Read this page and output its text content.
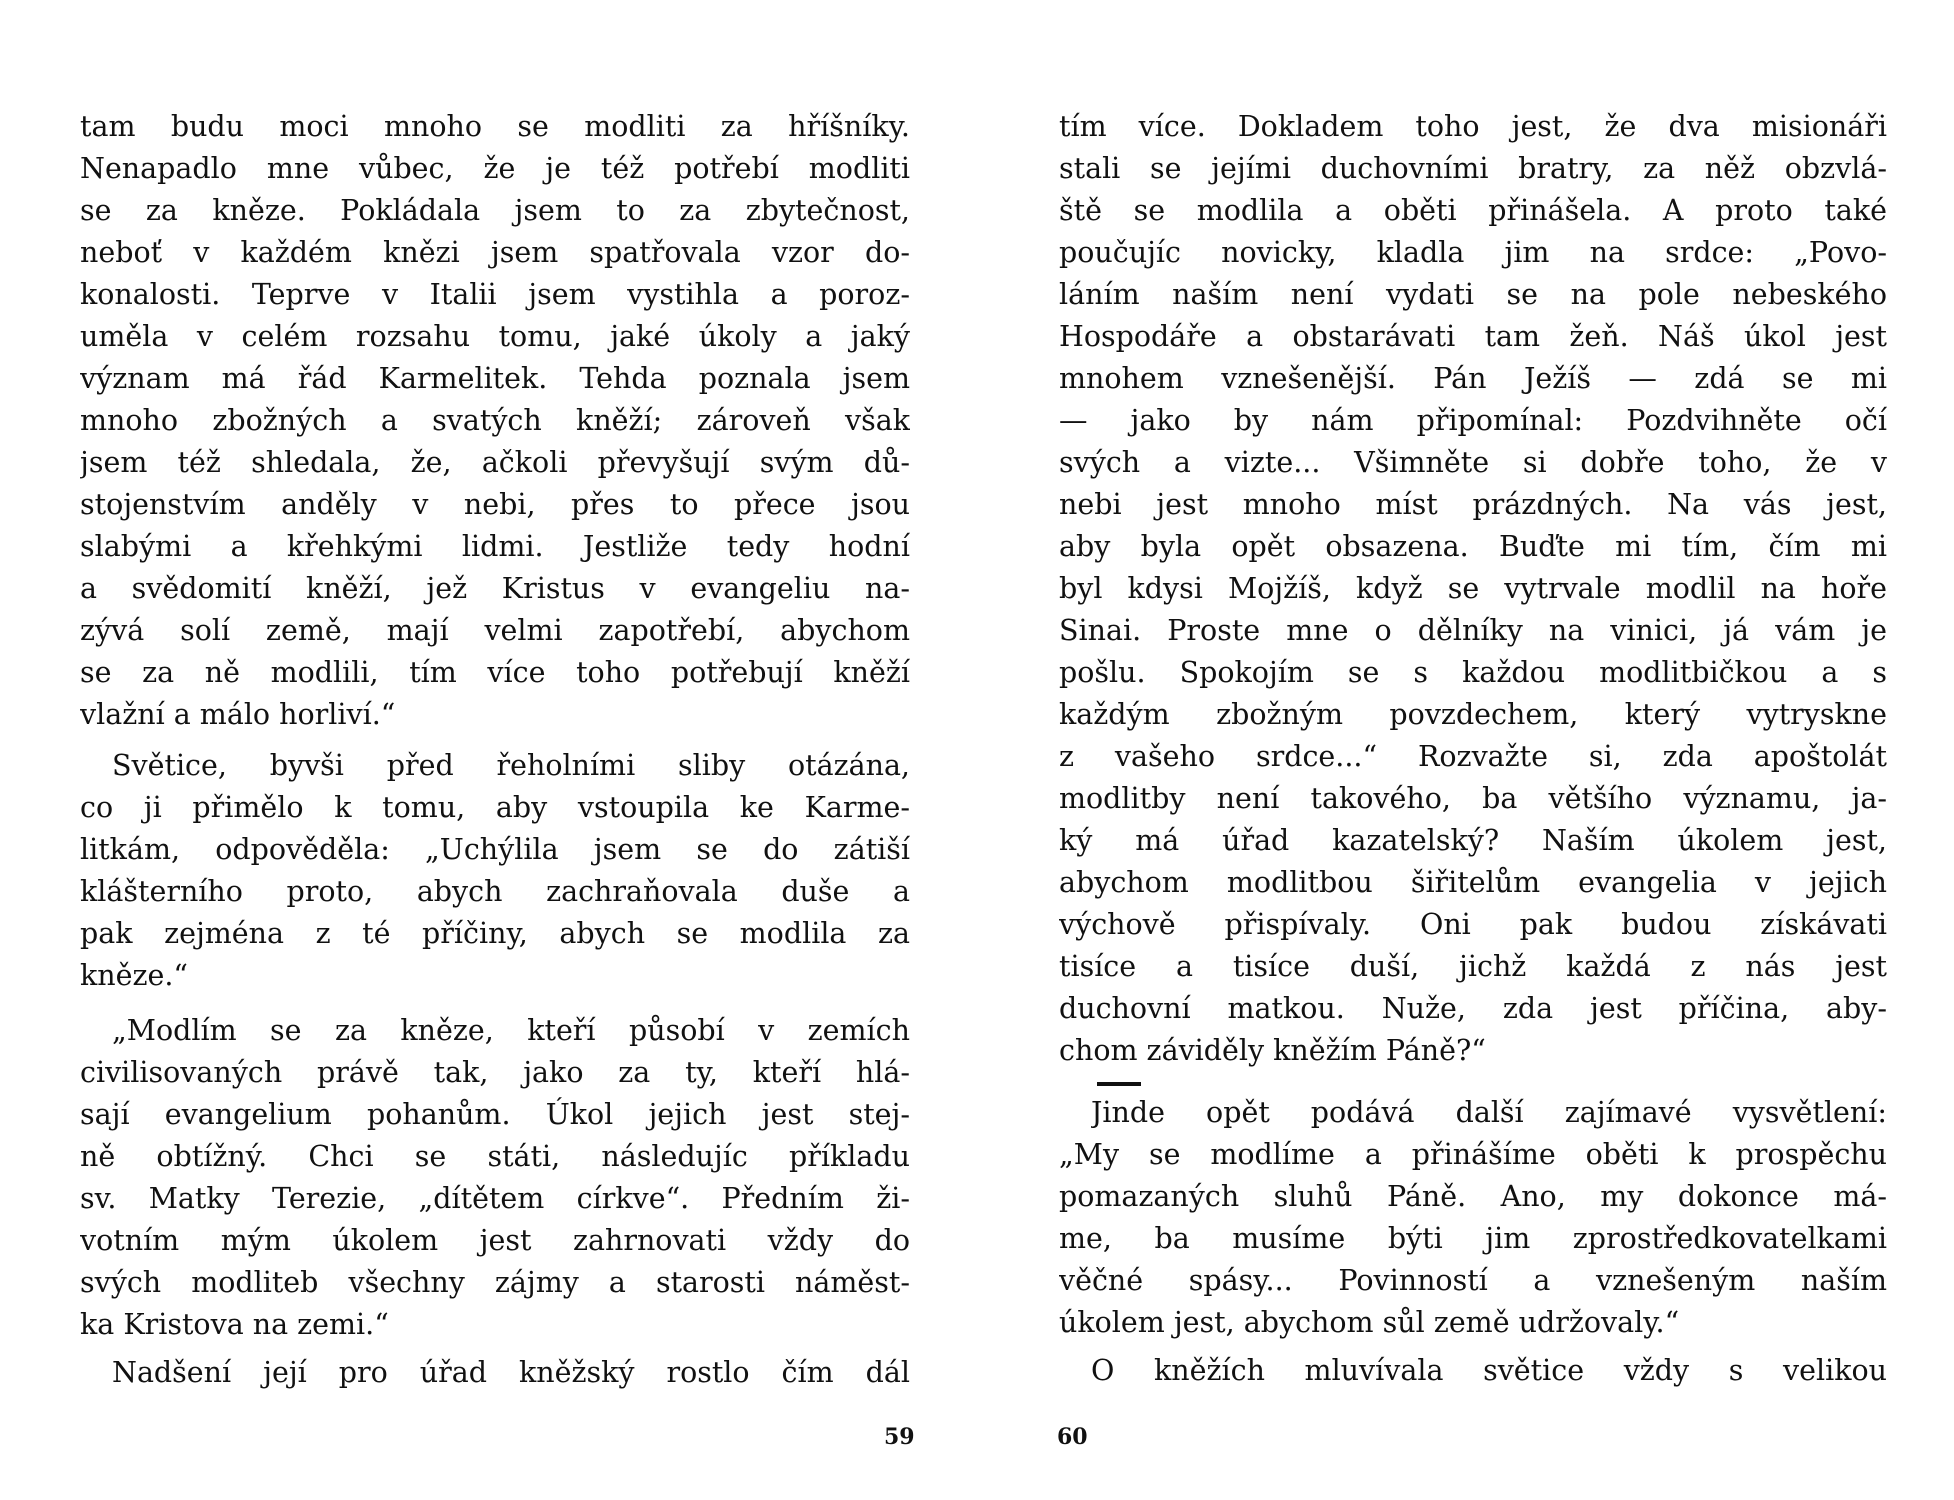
tam budu moci mnoho se modliti za hříšníky.
Nenapadlo mne vůbec, že je též potřebí modliti
se za kněze. Pokládala jsem to za zbytečnost,
neboť v každém knězi jsem spatřovala vzor do-
konalosti. Teprve v Italii jsem vystihla a poroz-
uměla v celém rozsahu tomu, jaké úkoly a jaký
význam má řád Karmelitek. Tehda poznala jsem
mnoho zbožných a svatých kněží; zároveň však
jsem též shledala, že, ačkoli převyšují svým dů-
stojenstvím anděly v nebi, přes to přece jsou
slabými a křehkými lidmi. Jestliže tedy hodní
a svědomití kněží, jež Kristus v evangeliu na-
zývá solí země, mají velmi zapotřebí, abychom
se za ně modlili, tím více toho potřebují kněží
vlažní a málo horliví.“
Světice, byvši před řeholními sliby otázána,
co ji přimělo k tomu, aby vstoupila ke Karme-
litkám, odpověděla: „Uchýlila jsem se do zátiší
klášterního proto, abych zachraňovala duše a
pak zejména z té příčiny, abych se modlila za
kněze.“
„Modlím se za kněze, kteří působí v zemích
civilisovaných právě tak, jako za ty, kteří hlá-
sají evangelium pohanům. Úkol jejich jest stej-
ně obtížný. Chci se státi, následujíc příkladu
sv. Matky Terezie, „dítětem církve“. Předním ži-
votním mým úkolem jest zahrnovati vždy do
svých modliteb všechny zájmy a starosti náměst-
ka Kristova na zemi.“
Nadšení její pro úřad kněžský rostlo čím dál
59
tím více. Dokladem toho jest, že dva misionáři
stali se jejími duchovními bratry, za něž obzvlá-
ště se modlila a oběti přinášela. A proto také
poučujíc novicky, kladla jim na srdce: „Povo-
láním naším není vydati se na pole nebeského
Hospodáře a obstarávati tam žeň. Náš úkol jest
mnohem vznešenější. Pán Ježíš — zdá se mi
— jako by nám připomínal: Pozdvihněte očí
svých a vizte... Všimněte si dobře toho, že v
nebi jest mnoho míst prázdných. Na vás jest,
aby byla opět obsazena. Buďte mi tím, čím mi
byl kdysi Mojžíš, když se vytrvale modlil na hoře
Sinai. Proste mne o dělníky na vinici, já vám je
pošlu. Spokojím se s každou modlitbičkou a s
každým zbožným povzdechem, který vytryskne
z vašeho srdce...“ Rozvažte si, zda apoštolát
modlitby není takového, ba většího významu, ja-
ký má úřad kazatelský? Naším úkolem jest,
abychom modlitbou šiřitelům evangelia v jejich
výchově přispívaly. Oni pak budou získávati
tisíce a tisíce duší, jichž každá z nás jest
duchovní matkou. Nuže, zda jest příčina, aby-
chom záviděly kněžím Páně?“
Jinde opět podává další zajímavé vysvětlení:
„My se modlíme a přinášíme oběti k prospěchu
pomazaných sluhů Páně. Ano, my dokonce má-
me, ba musíme býti jim zprostředkovatelkami
věčné spásy... Povinností a vznešeným naším
úkolem jest, abychom sůl země udržovaly.“
O kněžích mluvívala světice vždy s velikou
60
